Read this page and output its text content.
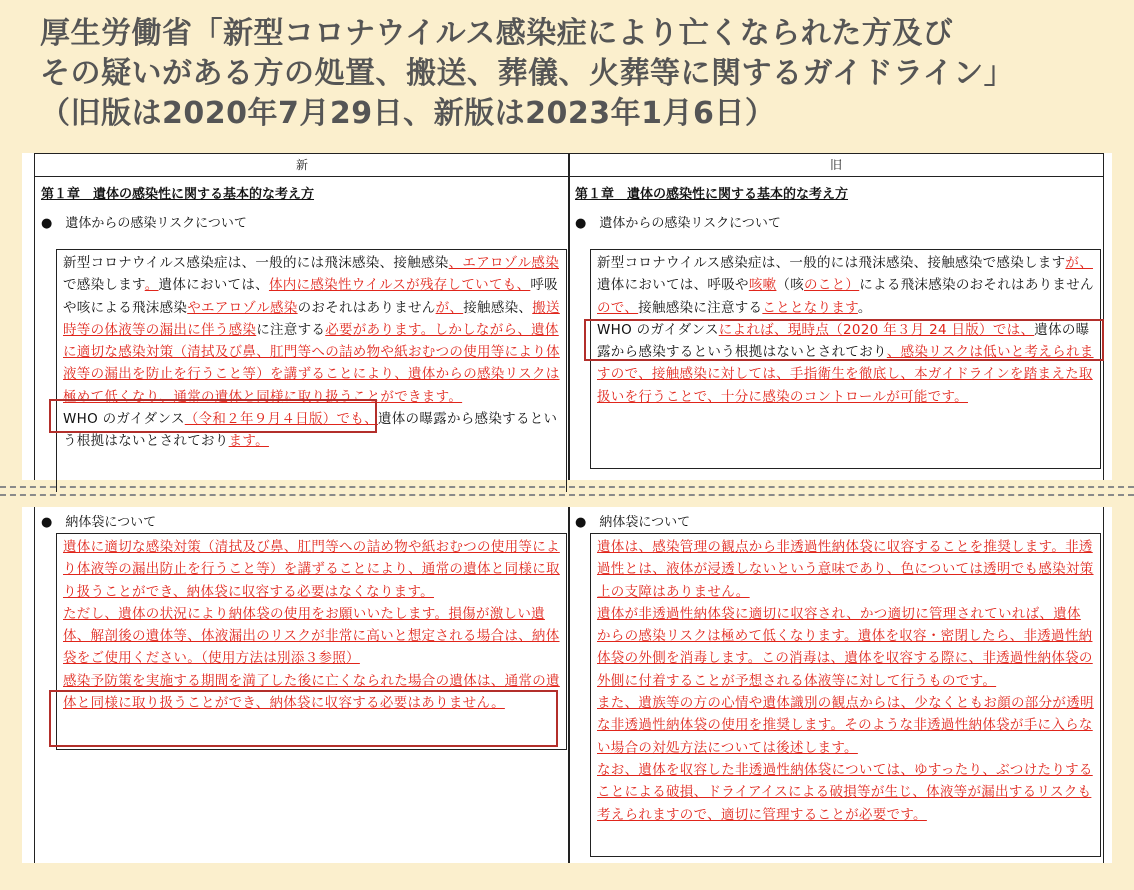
厚生労働省「新型コロナウイルス感染症により亡くなられた方及び
その疑いがある方の処置、搬送、葬儀、火葬等に関するガイドライン」
（旧版は2020年7月29日、新版は2023年1月6日）
新
第１章　遺体の感染性に関する基本的な考え方
●　遺体からの感染リスクについて
新型コロナウイルス感染症は、一般的には飛沫感染、接触感染、エアロゾル感染で感染します。遺体においては、体内に感染性ウイルスが残存していても、呼吸や咳による飛沫感染やエアロゾル感染のおそれはありませんが、接触感染、搬送時等の体液等の漏出に伴う感染に注意する必要があります。しかしながら、遺体に適切な感染対策（清拭及び鼻、肛門等への詰め物や紙おむつの使用等により体液等の漏出を防止を行うこと等）を講ずることにより、遺体からの感染リスクは極めて低くなり、通常の遺体と同様に取り扱うことができます。
WHO のガイダンス（令和２年９月４日版）でも、遺体の曝露から感染するという根拠はないとされております。
旧
第１章　遺体の感染性に関する基本的な考え方
●　遺体からの感染リスクについて
新型コロナウイルス感染症は、一般的には飛沫感染、接触感染で感染しますが、遺体においては、呼吸や咳嗽（咳のこと）による飛沫感染のおそれはありませんので、接触感染に注意することとなります。
WHO のガイダンスによれば、現時点（2020 年３月 24 日版）では、遺体の曝露から感染するという根拠はないとされており、感染リスクは低いと考えられますので、接触感染に対しては、手指衛生を徹底し、本ガイドラインを踏まえた取扱いを行うことで、十分に感染のコントロールが可能です。
●　納体袋について
遺体に適切な感染対策（清拭及び鼻、肛門等への詰め物や紙おむつの使用等により体液等の漏出防止を行うこと等）を講ずることにより、通常の遺体と同様に取り扱うことができ、納体袋に収容する必要はなくなります。
ただし、遺体の状況により納体袋の使用をお願いいたします。損傷が激しい遺体、解剖後の遺体等、体液漏出のリスクが非常に高いと想定される場合は、納体袋をご使用ください。（使用方法は別添３参照）
感染予防策を実施する期間を満了した後に亡くなられた場合の遺体は、通常の遺体と同様に取り扱うことができ、納体袋に収容する必要はありません。
●　納体袋について
遺体は、感染管理の観点から非透過性納体袋に収容することを推奨します。非透過性とは、液体が浸透しないという意味であり、色については透明でも感染対策上の支障はありません。
遺体が非透過性納体袋に適切に収容され、かつ適切に管理されていれば、遺体からの感染リスクは極めて低くなります。遺体を収容・密閉したら、非透過性納体袋の外側を消毒します。この消毒は、遺体を収容する際に、非透過性納体袋の外側に付着することが予想される体液等に対して行うものです。
また、遺族等の方の心情や遺体識別の観点からは、少なくともお顔の部分が透明な非透過性納体袋の使用を推奨します。そのような非透過性納体袋が手に入らない場合の対処方法については後述します。
なお、遺体を収容した非透過性納体袋については、ゆすったり、ぶつけたりすることによる破損、ドライアイスによる破損等が生じ、体液等が漏出するリスクも考えられますので、適切に管理することが必要です。
